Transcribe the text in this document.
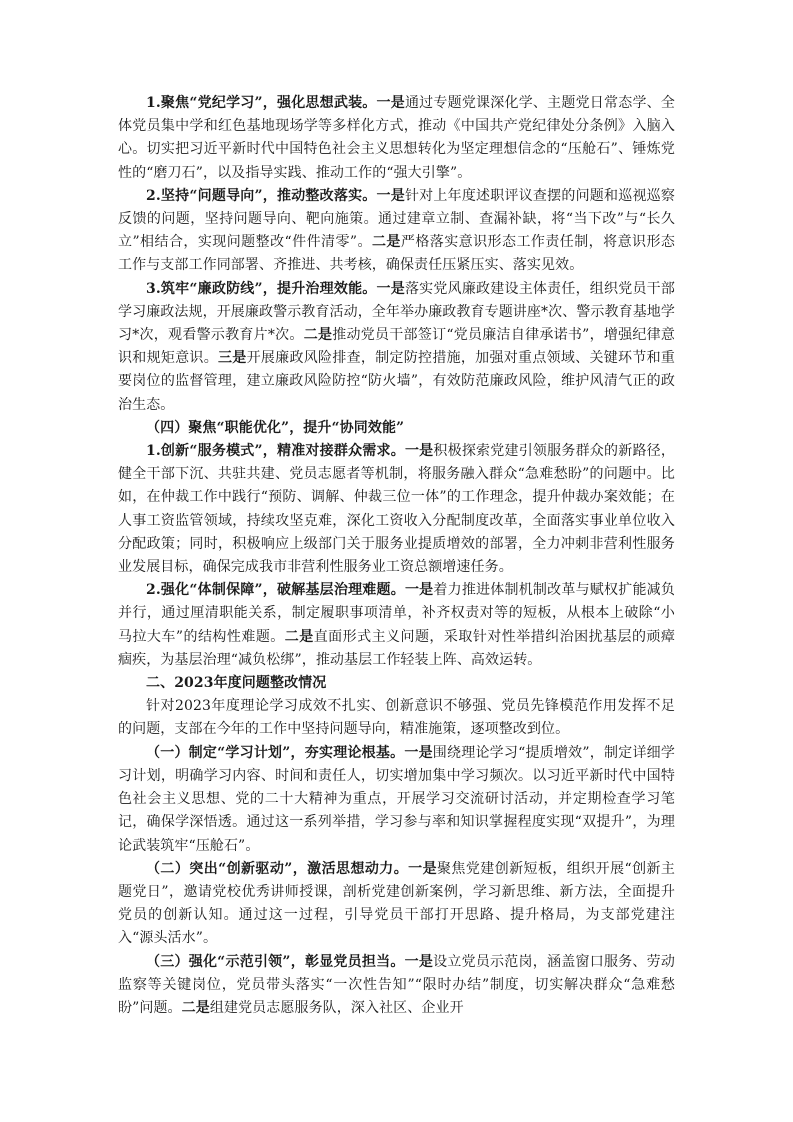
1.聚焦“党纪学习”，强化思想武装。一是通过专题党课深化学、主题党日常态学、全体党员集中学和红色基地现场学等多样化方式，推动《中国共产党纪律处分条例》入脑入心。切实把习近平新时代中国特色社会主义思想转化为坚定理想信念的“压舱石”、锤炼党性的“磨刀石”，以及指导实践、推动工作的“强大引擎”。

2.坚持“问题导向”，推动整改落实。一是针对上年度述职评议查摆的问题和巡视巡察反馈的问题，坚持问题导向、靶向施策。通过建章立制、查漏补缺，将“当下改”与“长久立”相结合，实现问题整改“件件清零”。二是严格落实意识形态工作责任制，将意识形态工作与支部工作同部署、齐推进、共考核，确保责任压紧压实、落实见效。

3.筑牢“廉政防线”，提升治理效能。一是落实党风廉政建设主体责任，组织党员干部学习廉政法规，开展廉政警示教育活动，全年举办廉政教育专题讲座*次、警示教育基地学习*次，观看警示教育片*次。二是推动党员干部签订“党员廉洁自律承诺书”，增强纪律意识和规矩意识。三是开展廉政风险排查，制定防控措施，加强对重点领域、关键环节和重要岗位的监督管理，建立廉政风险防控“防火墙”，有效防范廉政风险，维护风清气正的政治生态。

（四）聚焦“职能优化”，提升“协同效能”

1.创新“服务模式”，精准对接群众需求。一是积极探索党建引领服务群众的新路径，健全干部下沉、共驻共建、党员志愿者等机制，将服务融入群众“急难愁盼”的问题中。比如，在仲裁工作中践行“预防、调解、仲裁三位一体”的工作理念，提升仲裁办案效能；在人事工资监管领域，持续攻坚克难，深化工资收入分配制度改革，全面落实事业单位收入分配政策；同时，积极响应上级部门关于服务业提质增效的部署，全力冲刺非营利性服务业发展目标，确保完成我市非营利性服务业工资总额增速任务。

2.强化“体制保障”，破解基层治理难题。一是着力推进体制机制改革与赋权扩能减负并行，通过厘清职能关系，制定履职事项清单，补齐权责对等的短板，从根本上破除“小马拉大车”的结构性难题。二是直面形式主义问题，采取针对性举措纠治困扰基层的顽瘴痼疾，为基层治理“减负松绑”，推动基层工作轻装上阵、高效运转。

二、2023年度问题整改情况

针对2023年度理论学习成效不扎实、创新意识不够强、党员先锋模范作用发挥不足的问题，支部在今年的工作中坚持问题导向，精准施策，逐项整改到位。

（一）制定“学习计划”，夯实理论根基。一是围绕理论学习“提质增效”，制定详细学习计划，明确学习内容、时间和责任人，切实增加集中学习频次。以习近平新时代中国特色社会主义思想、党的二十大精神为重点，开展学习交流研讨活动，并定期检查学习笔记，确保学深悟透。通过这一系列举措，学习参与率和知识掌握程度实现“双提升”，为理论武装筑牢“压舱石”。

（二）突出“创新驱动”，激活思想动力。一是聚焦党建创新短板，组织开展“创新主题党日”，邀请党校优秀讲师授课，剖析党建创新案例，学习新思维、新方法，全面提升党员的创新认知。通过这一过程，引导党员干部打开思路、提升格局，为支部党建注入“源头活水”。

（三）强化“示范引领”，彰显党员担当。一是设立党员示范岗，涵盖窗口服务、劳动监察等关键岗位，党员带头落实“一次性告知”“限时办结”制度，切实解决群众“急难愁盼”问题。二是组建党员志愿服务队，深入社区、企业开
